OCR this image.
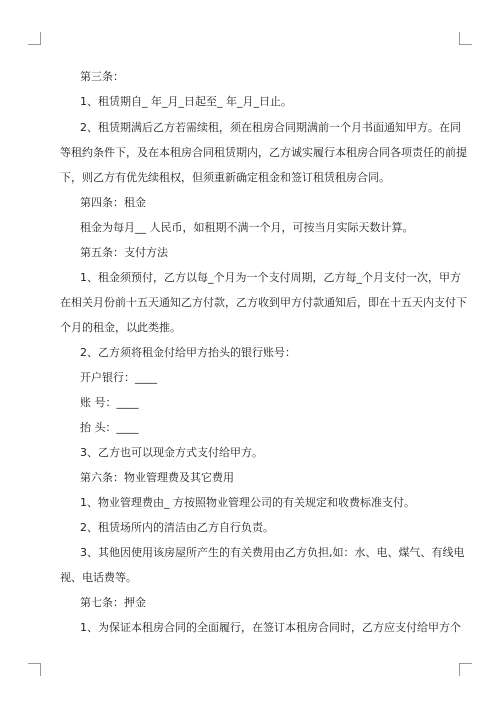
第三条：
1、租赁期自_ 年_月_日起至_ 年_月_日止。
2、租赁期满后乙方若需续租，须在租房合同期满前一个月书面通知甲方。在同
等租约条件下，及在本租房合同租赁期内，乙方诚实履行本租房合同各项责任的前提
下，则乙方有优先续租权，但须重新确定租金和签订租赁租房合同。
第四条：租金
租金为每月__ 人民币，如租期不满一个月，可按当月实际天数计算。
第五条：支付方法
1、租金须预付，乙方以每_个月为一个支付周期，乙方每_个月支付一次，甲方
在相关月份前十五天通知乙方付款，乙方收到甲方付款通知后，即在十五天内支付下
个月的租金，以此类推。
2、乙方须将租金付给甲方抬头的银行账号：
开户银行：____
账 号：____
抬 头：____
3、乙方也可以现金方式支付给甲方。
第六条：物业管理费及其它费用
1、物业管理费由_ 方按照物业管理公司的有关规定和收费标准支付。
2、租赁场所内的清洁由乙方自行负责。
3、其他因使用该房屋所产生的有关费用由乙方负担,如：水、电、煤气、有线电
视、电话费等。
第七条：押金
1、为保证本租房合同的全面履行，在签订本租房合同时，乙方应支付给甲方个
